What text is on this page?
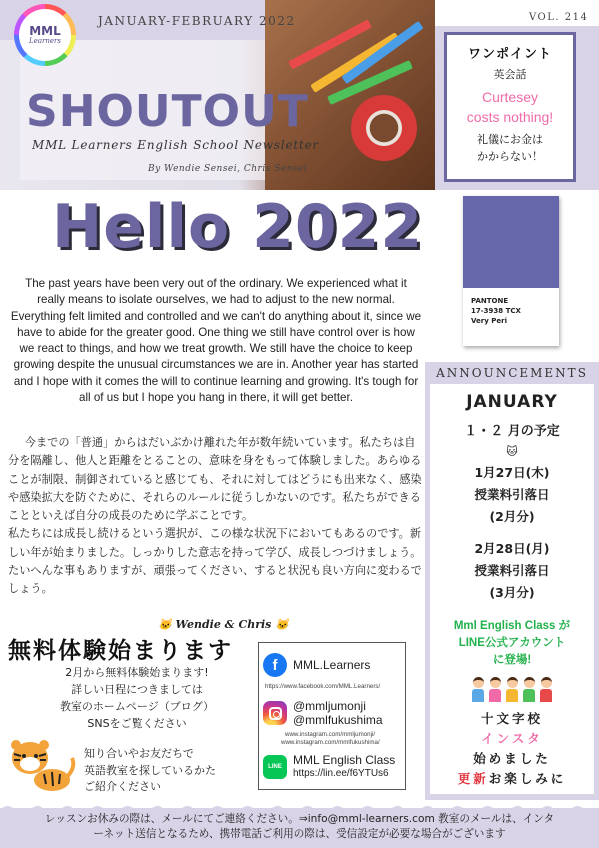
MML
Learners
JANUARY-FEBRUARY 2022	VOL. 214
SHOUTOUT
MML Learners English School Newsletter
By Wendie Sensei, Chris Sensei
ワンポイント
英会話
Curtesey
costs nothing!
礼儀にお金は
かからない！
Hello 2022
PANTONE
17-3938 TCX
Very Peri
The past years have been very out of the ordinary. We experienced what it really means to isolate ourselves, we had to adjust to the new normal. Everything felt limited and controlled and we can't do anything about it, since we have to abide for the greater good. One thing we still have control over is how we react to things, and how we treat growth. We still have the choice to keep growing despite the unusual circumstances we are in. Another year has started and I hope with it comes the will to continue learning and growing. It's tough for all of us but I hope you hang in there, it will get better.

今までの「普通」からはだいぶかけ離れた年が数年続いています。私たちは自分を隔離し、他人と距離をとることの、意味を身をもって体験しました。あらゆることが制限、制御されていると感じても、それに対してはどうにも出来なく、感染や感染拡大を防ぐために、それらのルールに従うしかないのです。私たちができることといえば自分の成長のために学ぶことです。

私たちには成長し続けるという選択が、この様な状況下においてもあるのです。新しい年が始まりました。しっかりした意志を持って学び、成長しつづけましょう。たいへんな事もありますが、頑張ってください、すると状況も良い方向に変わるでしょう。

ANNOUNCEMENTS
JANUARY
１・２ 月の予定
🐱
1月27日(木)
授業料引落日
(2月分)
2月28日(月)
授業料引落日
(3月分)
Mml English Class が
LINE公式アカウント
に登場!
十文字校
インスタ
始めました
更新お楽しみに
🐱 Wendie & Chris 🐱
無料体験始まります
2月から無料体験始まります!
詳しい日程につきましては
教室のホームページ（ブログ）
SNSをご覧ください
知り合いやお友だちで
英語教室を探しているかた
ご紹介ください
f	MML.Learners
https://www.facebook.com/MML.Learners/
@mmljumonji
@mmlfukushima
www.instagram.com/mmljumonji/
www.instagram.com/mmlfukushima/
LINE MML English Class
https://lin.ee/f6YTUs6
レッスンお休みの際は、メールにてご連絡ください。⇒info@mml-learners.com 教室のメールは、インタ
ーネット送信となるため、携帯電話ご利用の際は、受信設定が必要な場合がございます
